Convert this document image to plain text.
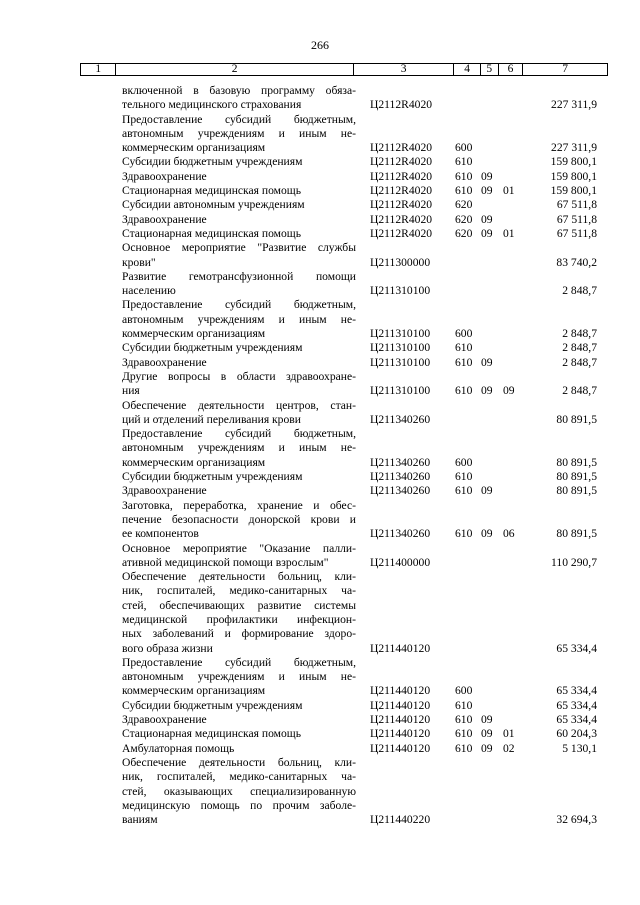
266
1	2	3	4	5	6	7
включенной в базовую программу обяза-
тельного медицинского страхования	Ц2112R4020	227 311,9
Предоставление субсидий бюджетным,
автономным учреждениям и иным не-
коммерческим организациям	Ц2112R4020 600	227 311,9
Субсидии бюджетным учреждениям	Ц2112R4020 610	159 800,1
Здравоохранение	Ц2112R4020 610 09	159 800,1
Стационарная медицинская помощь	Ц2112R4020 610 09 01	159 800,1
Субсидии автономным учреждениям	Ц2112R4020 620	67 511,8
Здравоохранение	Ц2112R4020 620 09	67 511,8
Стационарная медицинская помощь	Ц2112R4020 620 09 01	67 511,8
Основное мероприятие "Развитие службы
крови"	Ц211300000	83 740,2
Развитие гемотрансфузионной помощи
населению	Ц211310100	2 848,7
Предоставление субсидий бюджетным,
автономным учреждениям и иным не-
коммерческим организациям	Ц211310100 600	2 848,7
Субсидии бюджетным учреждениям	Ц211310100 610	2 848,7
Здравоохранение	Ц211310100 610 09	2 848,7
Другие вопросы в области здравоохране-
ния	Ц211310100 610 09 09	2 848,7
Обеспечение деятельности центров, стан-
ций и отделений переливания крови	Ц211340260	80 891,5
Предоставление субсидий бюджетным,
автономным учреждениям и иным не-
коммерческим организациям	Ц211340260 600	80 891,5
Субсидии бюджетным учреждениям	Ц211340260 610	80 891,5
Здравоохранение	Ц211340260 610 09	80 891,5
Заготовка, переработка, хранение и обес-
печение безопасности донорской крови и
ее компонентов	Ц211340260 610 09 06	80 891,5
Основное мероприятие "Оказание палли-
ативной медицинской помощи взрослым"	Ц211400000	110 290,7
Обеспечение деятельности больниц, кли-
ник, госпиталей, медико-санитарных ча-
стей, обеспечивающих развитие системы
медицинской профилактики инфекцион-
ных заболеваний и формирование здоро-
вого образа жизни	Ц211440120	65 334,4
Предоставление субсидий бюджетным,
автономным учреждениям и иным не-
коммерческим организациям	Ц211440120 600	65 334,4
Субсидии бюджетным учреждениям	Ц211440120 610	65 334,4
Здравоохранение	Ц211440120 610 09	65 334,4
Стационарная медицинская помощь	Ц211440120 610 09 01	60 204,3
Амбулаторная помощь	Ц211440120 610 09 02	5 130,1
Обеспечение деятельности больниц, кли-
ник, госпиталей, медико-санитарных ча-
стей, оказывающих специализированную
медицинскую помощь по прочим заболе-
ваниям	Ц211440220	32 694,3
